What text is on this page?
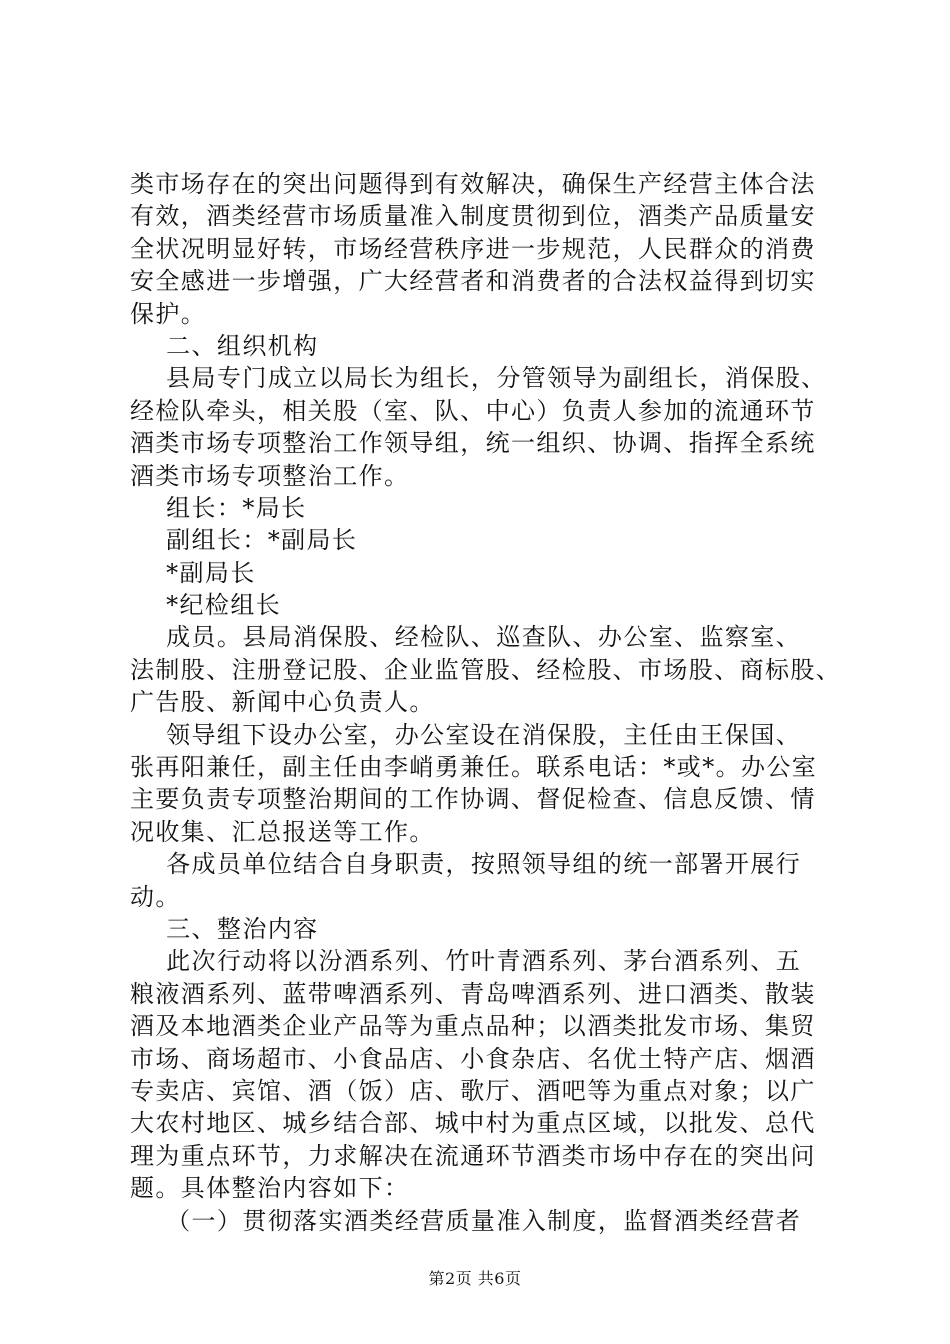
类市场存在的突出问题得到有效解决，确保生产经营主体合法
有效，酒类经营市场质量准入制度贯彻到位，酒类产品质量安
全状况明显好转，市场经营秩序进一步规范，人民群众的消费
安全感进一步增强，广大经营者和消费者的合法权益得到切实
保护。
二、组织机构
县局专门成立以局长为组长，分管领导为副组长，消保股、
经检队牵头，相关股（室、队、中心）负责人参加的流通环节
酒类市场专项整治工作领导组，统一组织、协调、指挥全系统
酒类市场专项整治工作。
组长：*局长
副组长：*副局长
*副局长
*纪检组长
成员。县局消保股、经检队、巡查队、办公室、监察室、
法制股、注册登记股、企业监管股、经检股、市场股、商标股、
广告股、新闻中心负责人。
领导组下设办公室，办公室设在消保股，主任由王保国、
张再阳兼任，副主任由李峭勇兼任。联系电话：*或*。办公室
主要负责专项整治期间的工作协调、督促检查、信息反馈、情
况收集、汇总报送等工作。
各成员单位结合自身职责，按照领导组的统一部署开展行
动。
三、整治内容
此次行动将以汾酒系列、竹叶青酒系列、茅台酒系列、五
粮液酒系列、蓝带啤酒系列、青岛啤酒系列、进口酒类、散装
酒及本地酒类企业产品等为重点品种；以酒类批发市场、集贸
市场、商场超市、小食品店、小食杂店、名优土特产店、烟酒
专卖店、宾馆、酒（饭）店、歌厅、酒吧等为重点对象；以广
大农村地区、城乡结合部、城中村为重点区域，以批发、总代
理为重点环节，力求解决在流通环节酒类市场中存在的突出问
题。具体整治内容如下：
（一）贯彻落实酒类经营质量准入制度，监督酒类经营者
第2页 共6页
